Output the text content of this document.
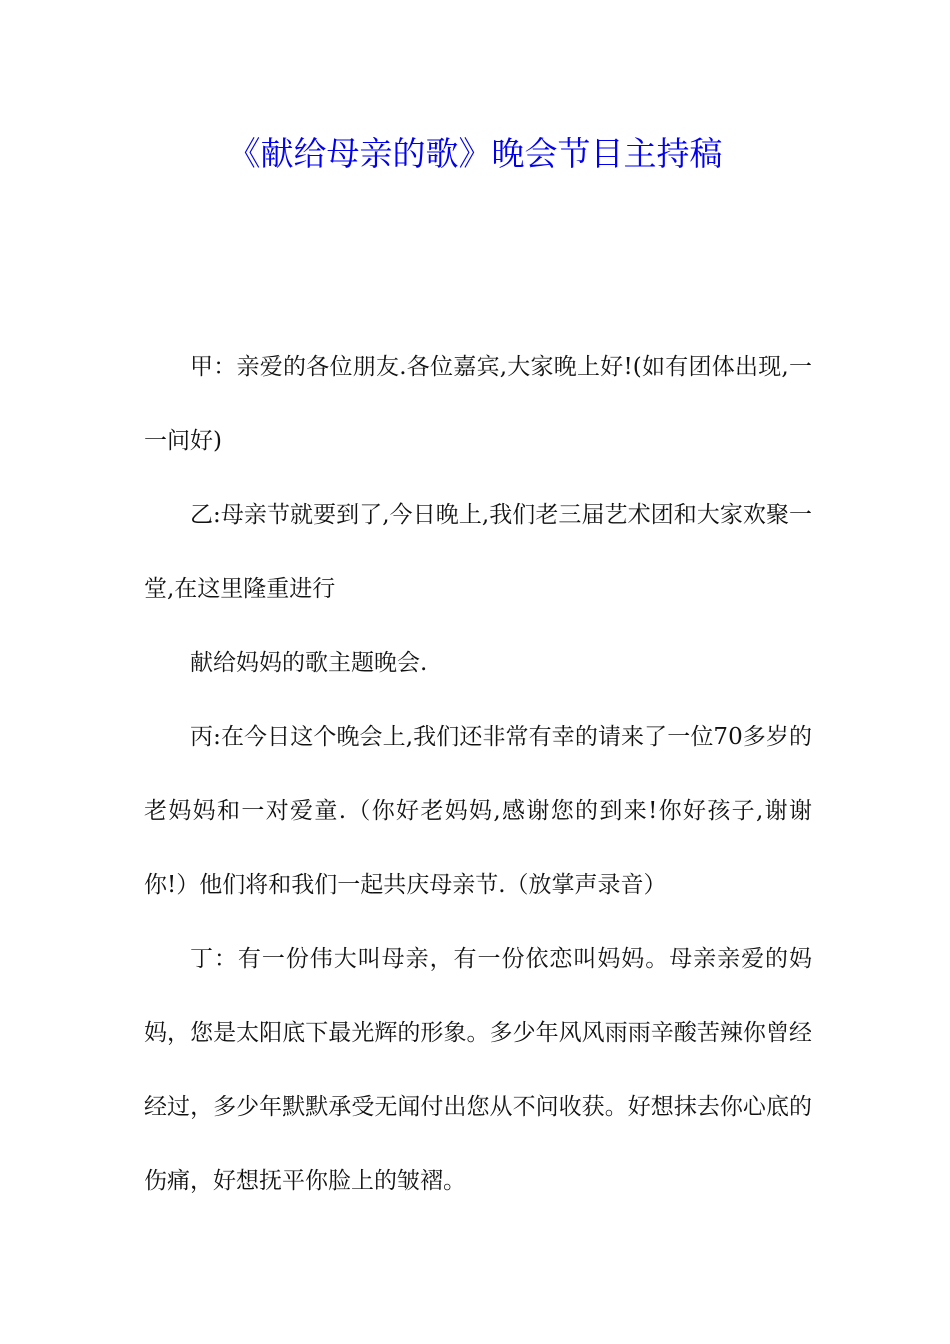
《献给母亲的歌》晚会节目主持稿

甲：亲爱的各位朋友.各位嘉宾,大家晚上好!(如有团体出现,一一问好)

乙:母亲节就要到了,今日晚上,我们老三届艺术团和大家欢聚一堂,在这里隆重进行

献给妈妈的歌主题晚会.

丙:在今日这个晚会上,我们还非常有幸的请来了一位70多岁的老妈妈和一对爱童.（你好老妈妈,感谢您的到来!你好孩子,谢谢你!）他们将和我们一起共庆母亲节.（放掌声录音）

丁：有一份伟大叫母亲，有一份依恋叫妈妈。母亲亲爱的妈妈，您是太阳底下最光辉的形象。多少年风风雨雨辛酸苦辣你曾经经过，多少年默默承受无闻付出您从不问收获。好想抹去你心底的伤痛，好想抚平你脸上的皱褶。
